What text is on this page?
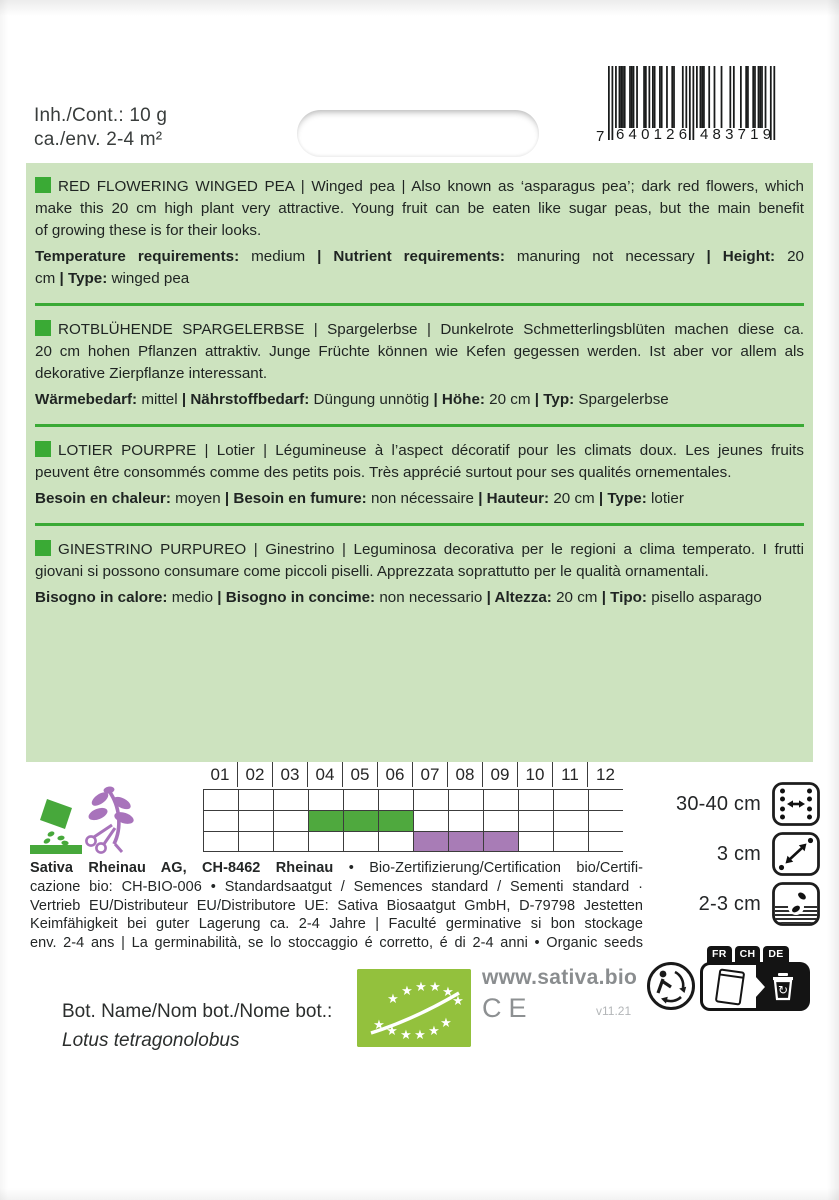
Inh./Cont.: 10 g
ca./env. 2-4 m²	7 640126 483719
RED FLOWERING WINGED PEA | Winged pea | Also known as ‘asparagus pea’; dark red flowers, which
make this 20 cm high plant very attractive. Young fruit can be eaten like sugar peas, but the main benefit
of growing these is for their looks.
Temperature requirements: medium | Nutrient requirements: manuring not necessary | Height: 20
cm | Type: winged pea
ROTBLÜHENDE SPARGELERBSE | Spargelerbse | Dunkelrote Schmetterlingsblüten machen diese ca.
20 cm hohen Pflanzen attraktiv. Junge Früchte können wie Kefen gegessen werden. Ist aber vor allem als
dekorative Zierpflanze interessant.
Wärmebedarf: mittel | Nährstoffbedarf: Düngung unnötig | Höhe: 20 cm | Typ: Spargelerbse
LOTIER POURPRE | Lotier | Légumineuse à l’aspect décoratif pour les climats doux. Les jeunes fruits
peuvent être consommés comme des petits pois. Très apprécié surtout pour ses qualités ornementales.
Besoin en chaleur: moyen | Besoin en fumure: non nécessaire | Hauteur: 20 cm | Type: lotier
GINESTRINO PURPUREO | Ginestrino | Leguminosa decorativa per le regioni a clima temperato. I frutti
giovani si possono consumare come piccoli piselli. Apprezzata soprattutto per le qualità ornamentali.
Bisogno in calore: medio | Bisogno in concime: non necessario | Altezza: 20 cm | Tipo: pisello asparago
01 02 03 04 05 06 07 08 09 10 11	12
30-40 cm
3 cm
2-3 cm
Sativa Rheinau AG, CH-8462 Rheinau • Bio-Zertifizierung/Certification bio/Certifi-
cazione bio: CH-BIO-006 • Standardsaatgut / Semences standard / Sementi standard ·
Vertrieb EU/Distributeur EU/Distributore UE: Sativa Biosaatgut GmbH, D-79798 Jestetten
Keimfähigkeit bei guter Lagerung ca. 2-4 Jahre | Faculté germinative si bon stockage
env. 2-4 ans | La germinabilità, se lo stoccaggio é corretto, é di 2-4 anni • Organic seeds
Bot. Name/Nom bot./Nome bot.:
Lotus tetragonolobus
★
★ ★ ★ ★
★
★ ★ ★ ★ ★
★
www.sativa.bio
CE	v11.21
FR	CH	DE
↻
